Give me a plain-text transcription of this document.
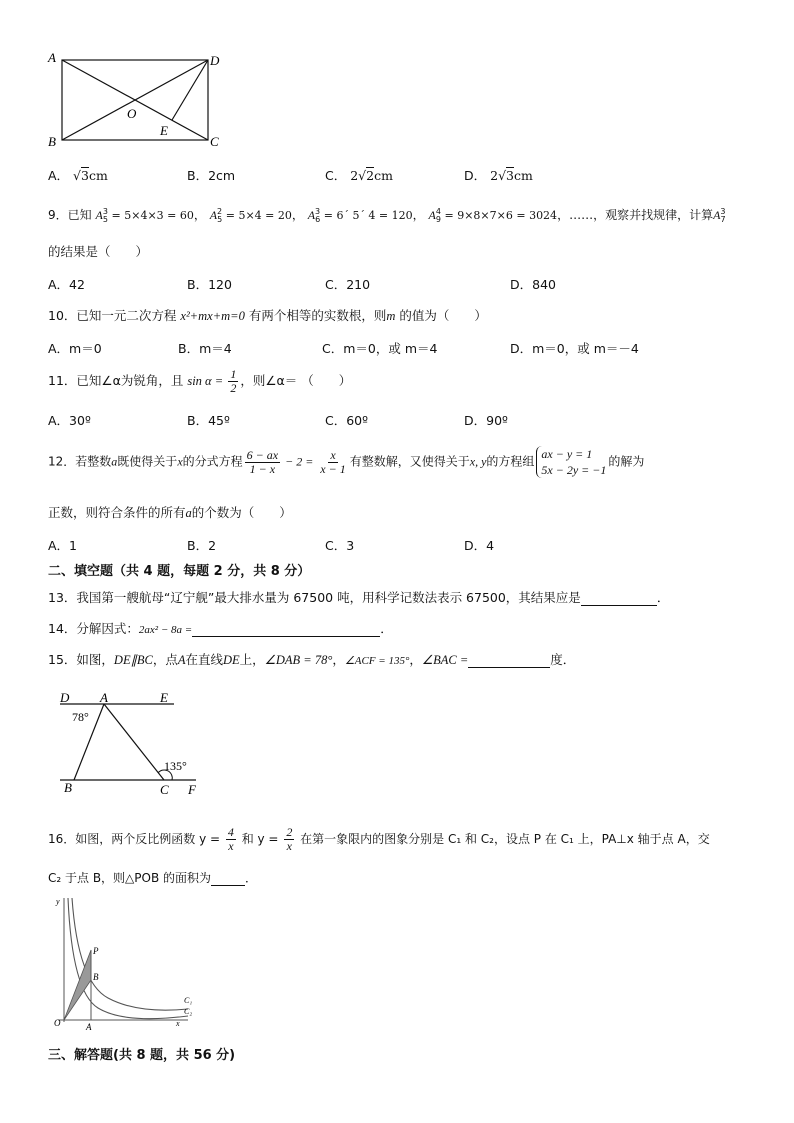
A	D
O
E
B	C
A． √3cm	B．2cm	C． 2√2cm	D． 2√3cm
9．已知 $A^3_5 = 5\times 4\times 3 = 60$， $A^2_5 = 5\times 4 = 20$， $A^3_6$ = 6´ 5´ 4 = 120， $A^4_9 = 9\times 8\times 7\times 6 = 3024$，……，观察并找规律，计算$A^3_7$
的结果是（　　）
A．42	B．120	C．210	D．840
10．已知一元二次方程 x²+mx+m=0 有两个相等的实数根，则m 的值为（　　）
A．m＝0	B．m＝4	C．m＝0，或 m＝4	D．m＝0，或 m＝－4
11．已知∠α为锐角，且 $\sin \alpha = \frac{1}{2}$ ，则∠α＝ （　　）
A．30º	B．45º	C．60º	D．90º
12．若整数a既使得关于x的分式方程 $\frac{6 - ax}{1 - x} - 2 = \frac{x}{x - 1}$ 有整数解，又使得关于x, y的方程组
ax − y = 1
5x − 2y = −1
的解为
正数，则符合条件的所有a的个数为（　　）
A．1	B．2	C．3	D．4
二、填空题（共 4 题，每题 2 分，共 8 分）
13．我国第一艘航母“辽宁舰”最大排水量为 67500 吨，用科学记数法表示 67500，其结果应是	．
14．分解因式：2ax² − 8a =	．
15．如图，DE∥BC，点A在直线DE上，∠DAB = 78°，∠ACF = 135°，∠BAC =	度．
D A	E
78°
135°
B	C F
16．如图，两个反比例函数 $y = \frac{4}{x}$ 和 $y = \frac{2}{x}$ 在第一象限内的图象分别是 C₁ 和 C₂，设点 P 在 C₁ 上，PA⊥x 轴于点 A，交
C₂ 于点 B，则△POB 的面积为	．
y
x
O	A
P
B
C₁
C₂
三、解答题(共 8 题，共 56 分)
